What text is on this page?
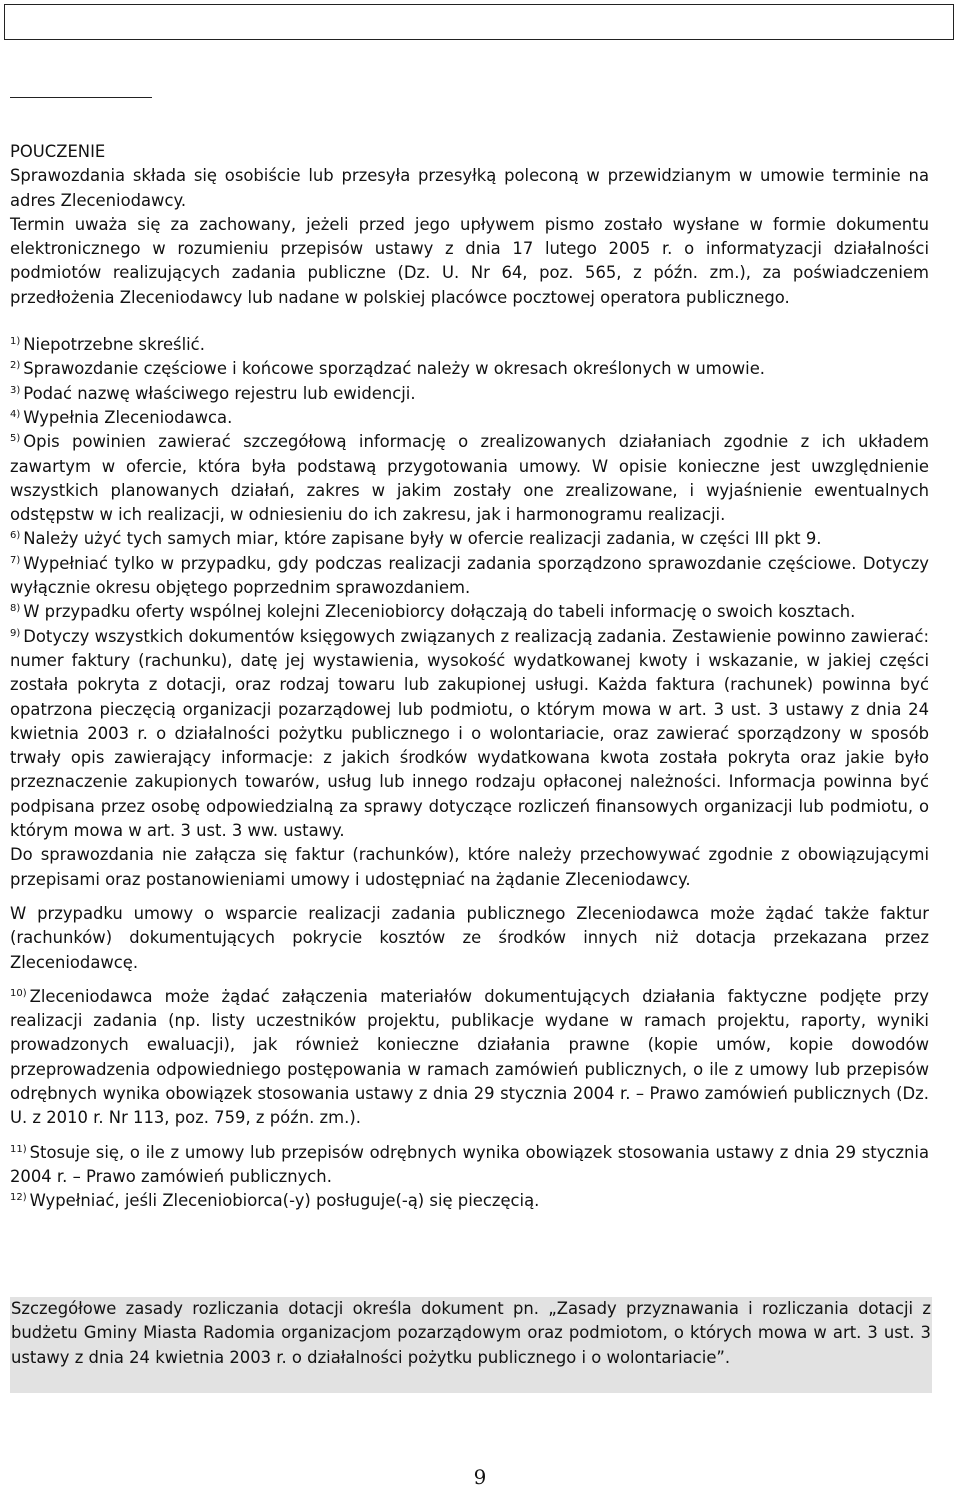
POUCZENIE

Sprawozdania składa się osobiście lub przesyła przesyłką poleconą w przewidzianym w umowie terminie na adres Zleceniodawcy.

Termin uważa się za zachowany, jeżeli przed jego upływem pismo zostało wysłane w formie dokumentu elektronicznego w rozumieniu przepisów ustawy z dnia 17 lutego 2005 r. o informatyzacji działalności podmiotów realizujących zadania publiczne (Dz. U. Nr 64, poz. 565, z późn. zm.), za poświadczeniem przedłożenia Zleceniodawcy lub nadane w polskiej placówce pocztowej operatora publicznego.

$^{1)}$ Niepotrzebne skreślić.

$^{2)}$ Sprawozdanie częściowe i końcowe sporządzać należy w okresach określonych w umowie.

$^{3)}$ Podać nazwę właściwego rejestru lub ewidencji.

$^{4)}$ Wypełnia Zleceniodawca.

$^{5)}$ Opis powinien zawierać szczegółową informację o zrealizowanych działaniach zgodnie z ich układem zawartym w ofercie, która była podstawą przygotowania umowy. W opisie konieczne jest uwzględnienie wszystkich planowanych działań, zakres w jakim zostały one zrealizowane, i wyjaśnienie ewentualnych odstępstw w ich realizacji, w odniesieniu do ich zakresu, jak i harmonogramu realizacji.

$^{6)}$ Należy użyć tych samych miar, które zapisane były w ofercie realizacji zadania, w części III pkt 9.

$^{7)}$ Wypełniać tylko w przypadku, gdy podczas realizacji zadania sporządzono sprawozdanie częściowe. Dotyczy wyłącznie okresu objętego poprzednim sprawozdaniem.

$^{8)}$ W przypadku oferty wspólnej kolejni Zleceniobiorcy dołączają do tabeli informację o swoich kosztach.

$^{9)}$ Dotyczy wszystkich dokumentów księgowych związanych z realizacją zadania. Zestawienie powinno zawierać: numer faktury (rachunku), datę jej wystawienia, wysokość wydatkowanej kwoty i wskazanie, w jakiej części została pokryta z dotacji, oraz rodzaj towaru lub zakupionej usługi. Każda faktura (rachunek) powinna być opatrzona pieczęcią organizacji pozarządowej lub podmiotu, o którym mowa w art. 3 ust. 3 ustawy z dnia 24 kwietnia 2003 r. o działalności pożytku publicznego i o wolontariacie, oraz zawierać sporządzony w sposób trwały opis zawierający informacje: z jakich środków wydatkowana kwota została pokryta oraz jakie było przeznaczenie zakupionych towarów, usług lub innego rodzaju opłaconej należności. Informacja powinna być podpisana przez osobę odpowiedzialną za sprawy dotyczące rozliczeń finansowych organizacji lub podmiotu, o którym mowa w art. 3 ust. 3 ww. ustawy.

Do sprawozdania nie załącza się faktur (rachunków), które należy przechowywać zgodnie z obowiązującymi przepisami oraz postanowieniami umowy i udostępniać na żądanie Zleceniodawcy.

W przypadku umowy o wsparcie realizacji zadania publicznego Zleceniodawca może żądać także faktur (rachunków) dokumentujących pokrycie kosztów ze środków innych niż dotacja przekazana przez Zleceniodawcę.

$^{10)}$ Zleceniodawca może żądać załączenia materiałów dokumentujących działania faktyczne podjęte przy realizacji zadania (np. listy uczestników projektu, publikacje wydane w ramach projektu, raporty, wyniki prowadzonych ewaluacji), jak również konieczne działania prawne (kopie umów, kopie dowodów przeprowadzenia odpowiedniego postępowania w ramach zamówień publicznych, o ile z umowy lub przepisów odrębnych wynika obowiązek stosowania ustawy z dnia 29 stycznia 2004 r. – Prawo zamówień publicznych (Dz. U. z 2010 r. Nr 113, poz. 759, z późn. zm.).

$^{11)}$ Stosuje się, o ile z umowy lub przepisów odrębnych wynika obowiązek stosowania ustawy z dnia 29 stycznia 2004 r. – Prawo zamówień publicznych.

$^{12)}$ Wypełniać, jeśli Zleceniobiorca(-y) posługuje(-ą) się pieczęcią.

Szczegółowe zasady rozliczania dotacji określa dokument pn. „Zasady przyznawania i rozliczania dotacji z budżetu Gminy Miasta Radomia organizacjom pozarządowym oraz podmiotom, o których mowa w art. 3 ust. 3 ustawy z dnia 24 kwietnia 2003 r. o działalności pożytku publicznego i o wolontariacie”.
9
